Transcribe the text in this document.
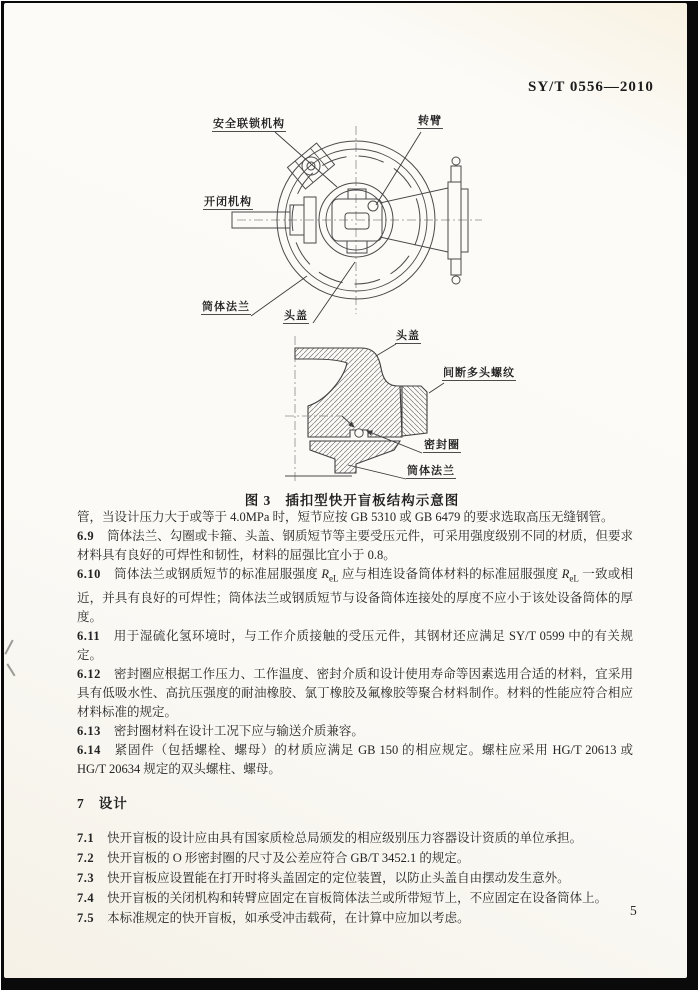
SY/T 0556—2010
安全联锁机构	转臂
开闭机构
筒体法兰
头盖
头盖
间断多头螺纹
密封圈
筒体法兰
图 3 插扣型快开盲板结构示意图

管，当设计压力大于或等于 4.0MPa 时，短节应按 GB 5310 或 GB 6479 的要求选取高压无缝钢管。

6.9 筒体法兰、勾圈或卡箍、头盖、钢质短节等主要受压元件，可采用强度级别不同的材质，但要求材料具有良好的可焊性和韧性，材料的屈强比宜小于 0.8。

6.10 筒体法兰或钢质短节的标准屈服强度 $R_{eL}$ 应与相连设备筒体材料的标准屈服强度 $R_{eL}$ 一致或相近，并具有良好的可焊性；筒体法兰或钢质短节与设备筒体连接处的厚度不应小于该处设备筒体的厚度。

6.11 用于湿硫化氢环境时，与工作介质接触的受压元件，其钢材还应满足 SY/T 0599 中的有关规定。

6.12 密封圈应根据工作压力、工作温度、密封介质和设计使用寿命等因素选用合适的材料，宜采用具有低吸水性、高抗压强度的耐油橡胶、氯丁橡胶及氟橡胶等聚合材料制作。材料的性能应符合相应材料标准的规定。

6.13 密封圈材料在设计工况下应与输送介质兼容。

6.14 紧固件（包括螺栓、螺母）的材质应满足 GB 150 的相应规定。螺柱应采用 HG/T 20613 或 HG/T 20634 规定的双头螺柱、螺母。

7 设计

7.1 快开盲板的设计应由具有国家质检总局颁发的相应级别压力容器设计资质的单位承担。

7.2 快开盲板的 O 形密封圈的尺寸及公差应符合 GB/T 3452.1 的规定。

7.3 快开盲板应设置能在打开时将头盖固定的定位装置，以防止头盖自由摆动发生意外。

7.4 快开盲板的关闭机构和转臂应固定在盲板筒体法兰或所带短节上，不应固定在设备筒体上。

7.5 本标准规定的快开盲板，如承受冲击载荷，在计算中应加以考虑。	5
